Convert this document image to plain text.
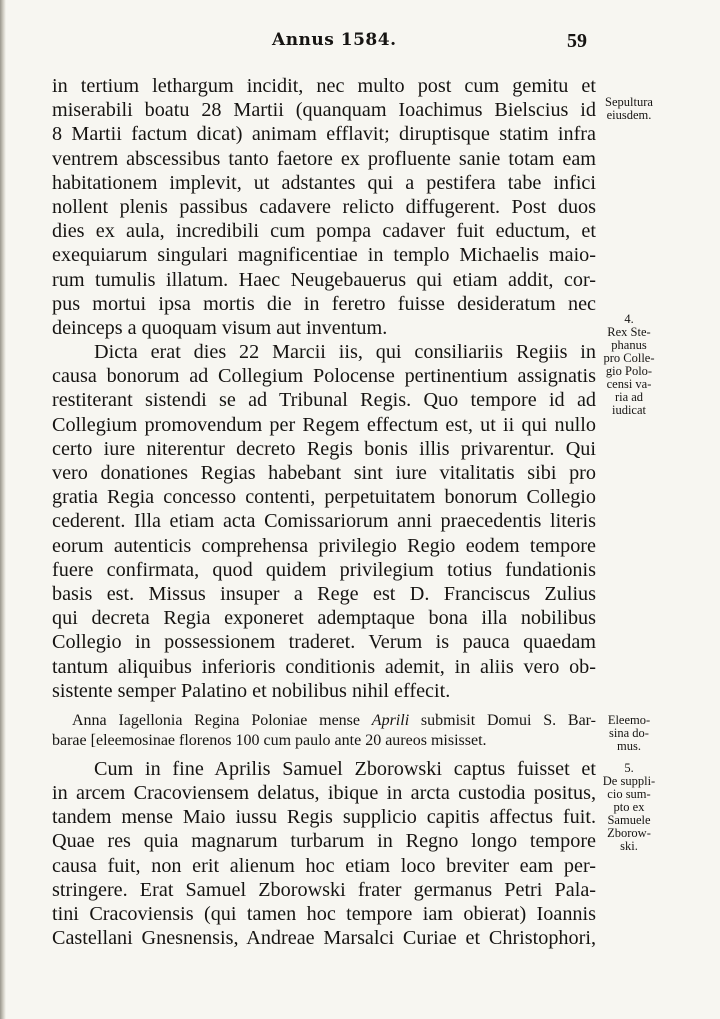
Annus 1584.	59
in tertium lethargum incidit, nec multo post cum gemitu et
miserabili boatu 28 Martii (quanquam Ioachimus Bielscius id
8 Martii factum dicat) animam efflavit; diruptisque statim infra
ventrem abscessibus tanto faetore ex profluente sanie totam eam
habitationem implevit, ut adstantes qui a pestifera tabe infici
nollent plenis passibus cadavere relicto diffugerent. Post duos
dies ex aula, incredibili cum pompa cadaver fuit eductum, et
exequiarum singulari magnificentiae in templo Michaelis maio-
rum tumulis illatum. Haec Neugebauerus qui etiam addit, cor-
pus mortui ipsa mortis die in feretro fuisse desideratum nec
deinceps a quoquam visum aut inventum.
Dicta erat dies 22 Marcii iis, qui consiliariis Regiis in
causa bonorum ad Collegium Polocense pertinentium assignatis
restiterant sistendi se ad Tribunal Regis. Quo tempore id ad
Collegium promovendum per Regem effectum est, ut ii qui nullo
certo iure niterentur decreto Regis bonis illis privarentur. Qui
vero donationes Regias habebant sint iure vitalitatis sibi pro
gratia Regia concesso contenti, perpetuitatem bonorum Collegio
cederent. Illa etiam acta Comissariorum anni praecedentis literis
eorum autenticis comprehensa privilegio Regio eodem tempore
fuere confirmata, quod quidem privilegium totius fundationis
basis est. Missus insuper a Rege est D. Franciscus Zulius
qui decreta Regia exponeret ademptaque bona illa nobilibus
Collegio in possessionem traderet. Verum is pauca quaedam
tantum aliquibus inferioris conditionis ademit, in aliis vero ob-
sistente semper Palatino et nobilibus nihil effecit.
Anna Iagellonia Regina Poloniae mense Aprili submisit Domui S. Bar-
barae [eleemosinae florenos 100 cum paulo ante 20 aureos misisset.
Cum in fine Aprilis Samuel Zborowski captus fuisset et
in arcem Cracoviensem delatus, ibique in arcta custodia positus,
tandem mense Maio iussu Regis supplicio capitis affectus fuit.
Quae res quia magnarum turbarum in Regno longo tempore
causa fuit, non erit alienum hoc etiam loco breviter eam per-
stringere. Erat Samuel Zborowski frater germanus Petri Pala-
tini Cracoviensis (qui tamen hoc tempore iam obierat) Ioannis
Castellani Gnesnensis, Andreae Marsalci Curiae et Christophori,
Sepultura
eiusdem.
4.
Rex Ste-
phanus
pro Colle-
gio Polo-
censi va-
ria ad
iudicat
Eleemo-
sina do-
mus.
5.
De suppli-
cio sum-
pto ex
Samuele
Zborow-
ski.
